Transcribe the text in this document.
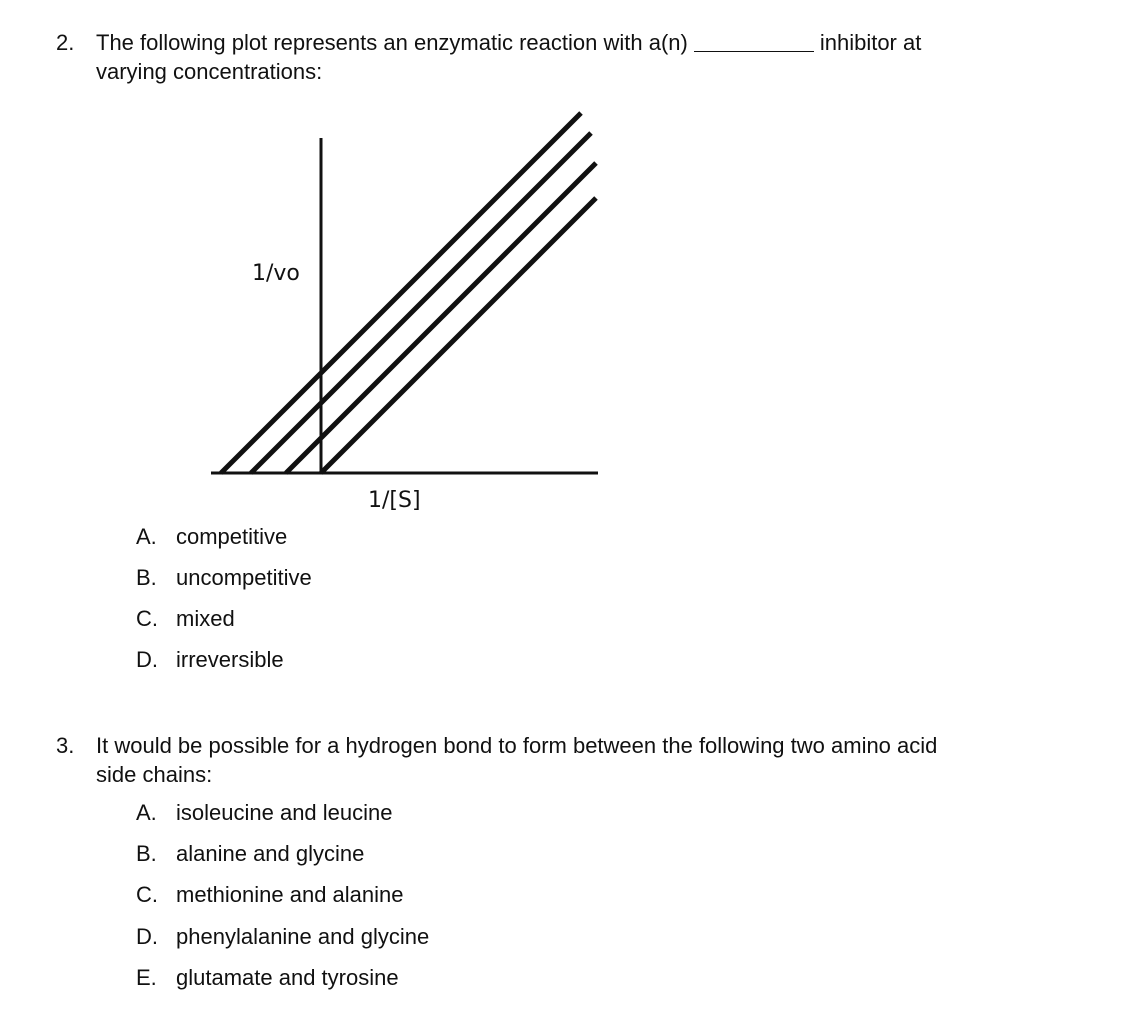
2. The following plot represents an enzymatic reaction with a(n)	inhibitor at
varying concentrations:
1/vo
1/[S]
A. competitive
B. uncompetitive
C. mixed
D. irreversible
3. It would be possible for a hydrogen bond to form between the following two amino acid
side chains:
A. isoleucine and leucine
B. alanine and glycine
C. methionine and alanine
D. phenylalanine and glycine
E. glutamate and tyrosine
